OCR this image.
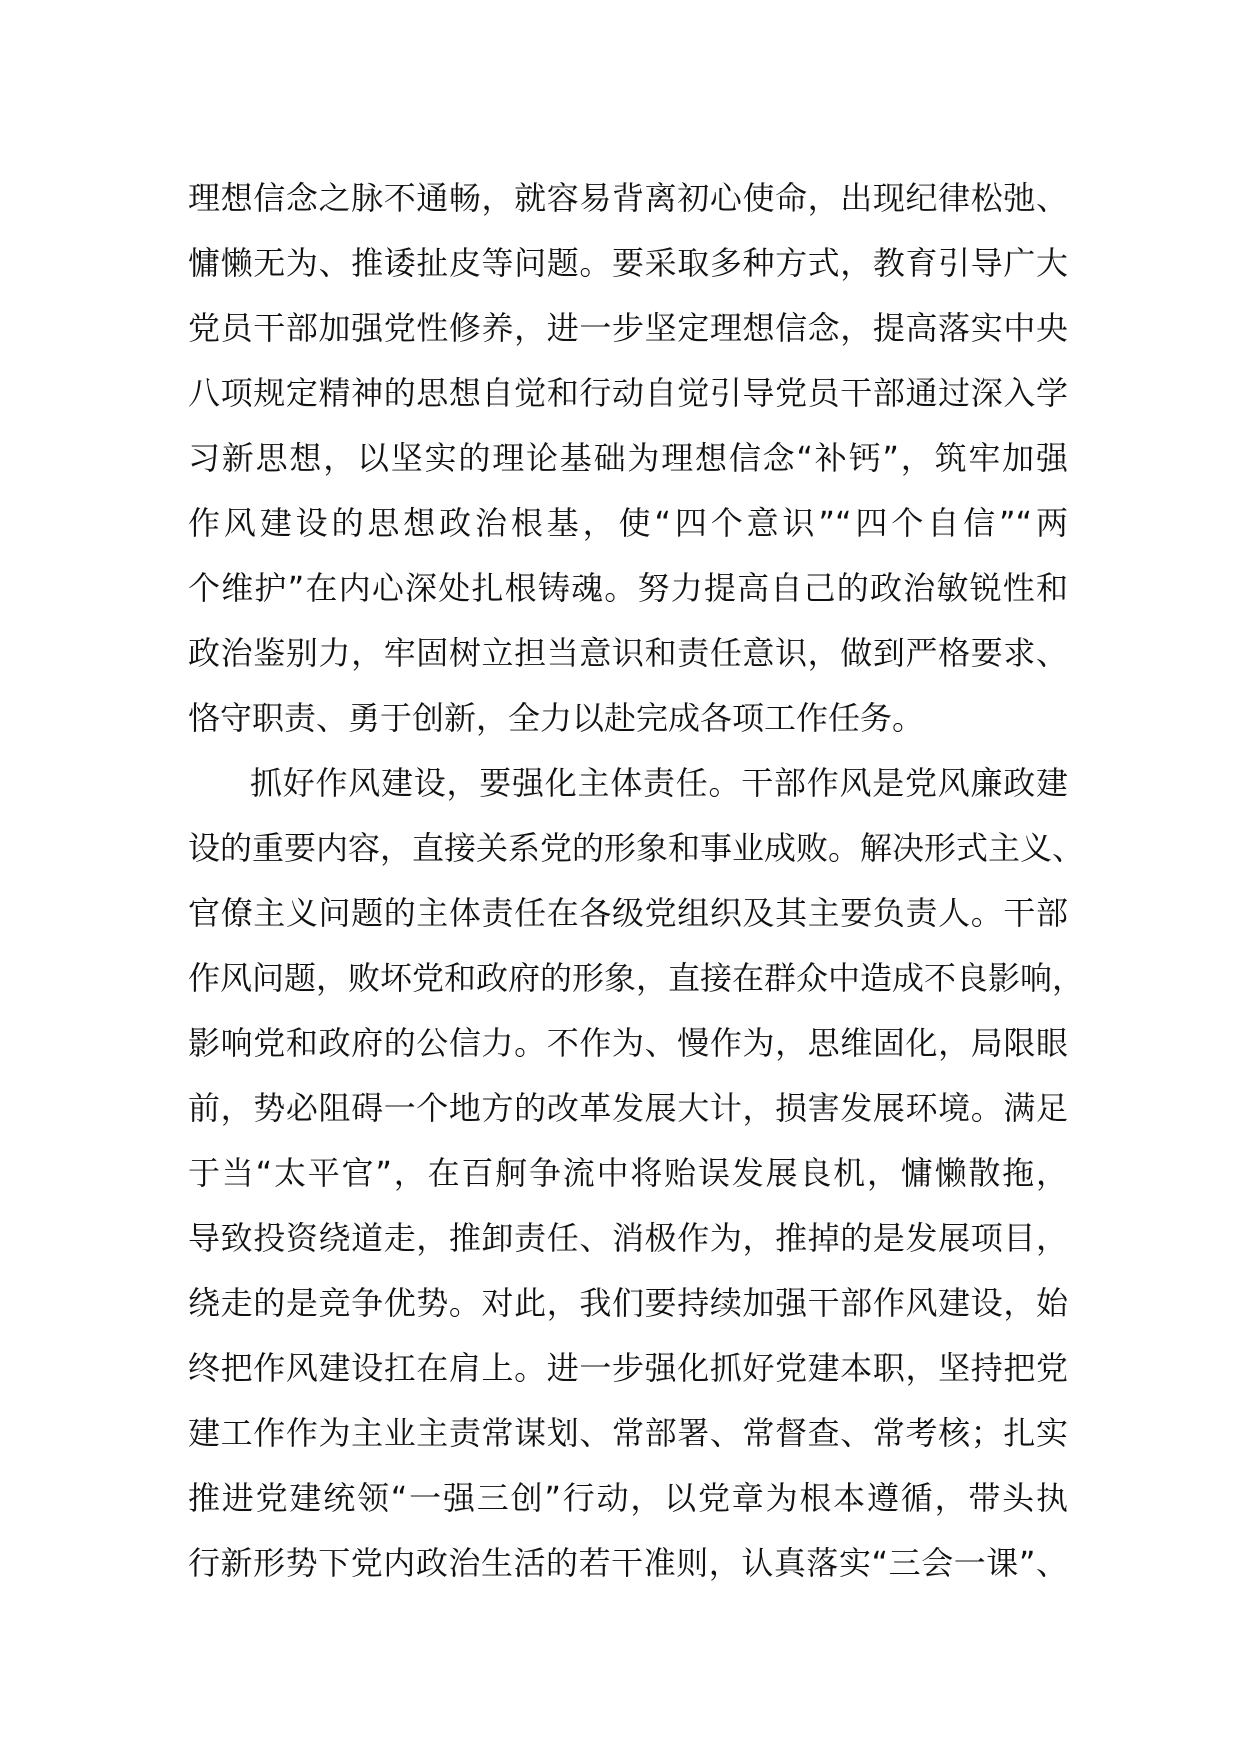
理想信念之脉不通畅，就容易背离初心使命，出现纪律松弛、
慵懒无为、推诿扯皮等问题。要采取多种方式，教育引导广大
党员干部加强党性修养，进一步坚定理想信念，提高落实中央
八项规定精神的思想自觉和行动自觉引导党员干部通过深入学
习新思想，以坚实的理论基础为理想信念“补钙”，筑牢加强
作风建设的思想政治根基，使“四个意识”“四个自信”“两
个维护”在内心深处扎根铸魂。努力提高自己的政治敏锐性和
政治鉴别力，牢固树立担当意识和责任意识，做到严格要求、
恪守职责、勇于创新，全力以赴完成各项工作任务。
抓好作风建设，要强化主体责任。干部作风是党风廉政建
设的重要内容，直接关系党的形象和事业成败。解决形式主义、
官僚主义问题的主体责任在各级党组织及其主要负责人。干部
作风问题，败坏党和政府的形象，直接在群众中造成不良影响，
影响党和政府的公信力。不作为、慢作为，思维固化，局限眼
前，势必阻碍一个地方的改革发展大计，损害发展环境。满足
于当“太平官”，在百舸争流中将贻误发展良机，慵懒散拖，
导致投资绕道走，推卸责任、消极作为，推掉的是发展项目，
绕走的是竞争优势。对此，我们要持续加强干部作风建设，始
终把作风建设扛在肩上。进一步强化抓好党建本职，坚持把党
建工作作为主业主责常谋划、常部署、常督查、常考核；扎实
推进党建统领“一强三创”行动，以党章为根本遵循，带头执
行新形势下党内政治生活的若干准则，认真落实“三会一课”、
